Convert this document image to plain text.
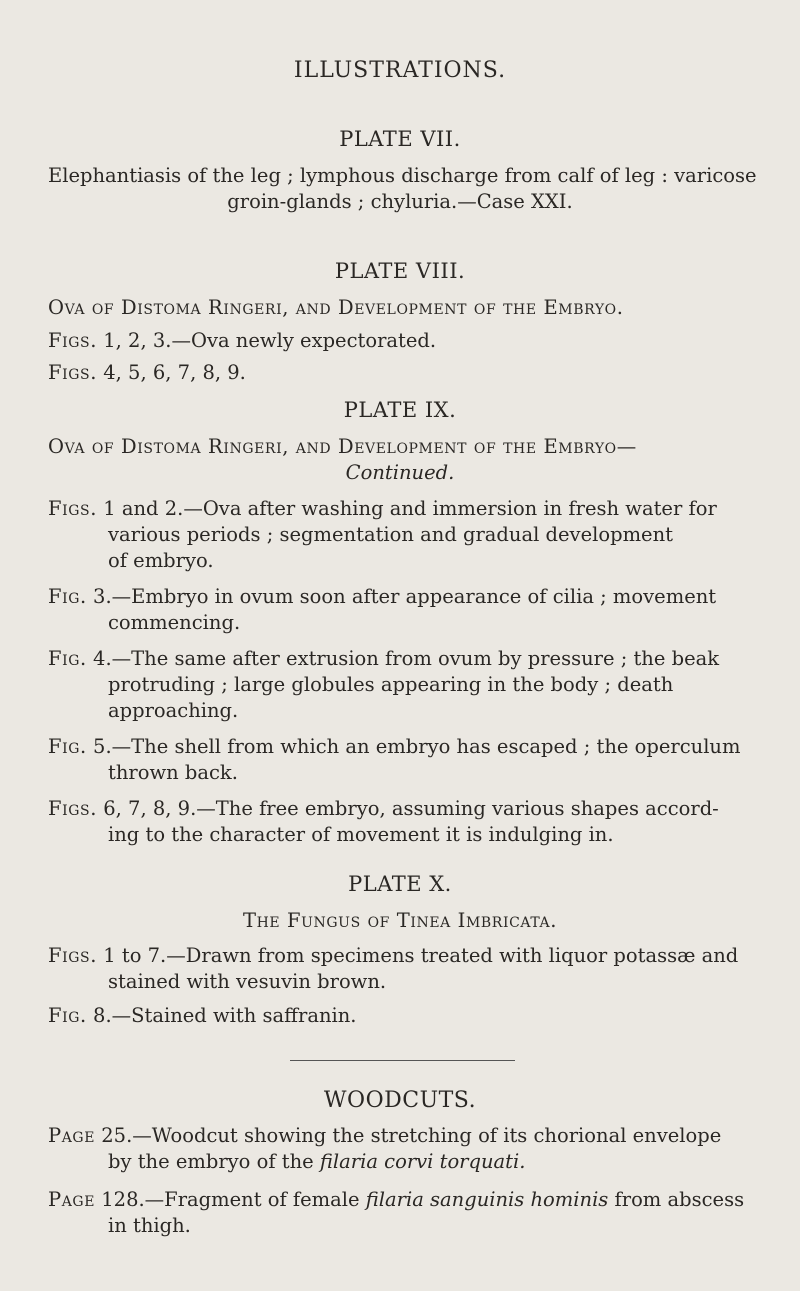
ILLUSTRATIONS.
PLATE VII.
Elephantiasis of the leg ; lymphous discharge from calf of leg : varicose
groin-glands ; chyluria.—Case XXI.
PLATE VIII.
Ova of Distoma Ringeri, and Development of the Embryo.
Figs. 1, 2, 3.—Ova newly expectorated.
Figs. 4, 5, 6, 7, 8, 9.
PLATE IX.
Ova of Distoma Ringeri, and Development of the Embryo—
Continued.
Figs. 1 and 2.—Ova after washing and immersion in fresh water for
various periods ; segmentation and gradual development
of embryo.
Fig. 3.—Embryo in ovum soon after appearance of cilia ; movement
commencing.
Fig. 4.—The same after extrusion from ovum by pressure ; the beak
protruding ; large globules appearing in the body ; death
approaching.
Fig. 5.—The shell from which an embryo has escaped ; the operculum
thrown back.
Figs. 6, 7, 8, 9.—The free embryo, assuming various shapes accord-
ing to the character of movement it is indulging in.
PLATE X.
The Fungus of Tinea Imbricata.
Figs. 1 to 7.—Drawn from specimens treated with liquor potassæ and
stained with vesuvin brown.
Fig. 8.—Stained with saffranin.
WOODCUTS.
Page 25.—Woodcut showing the stretching of its chorional envelope
by the embryo of the filaria corvi torquati.
Page 128.—Fragment of female filaria sanguinis hominis from abscess
in thigh.
